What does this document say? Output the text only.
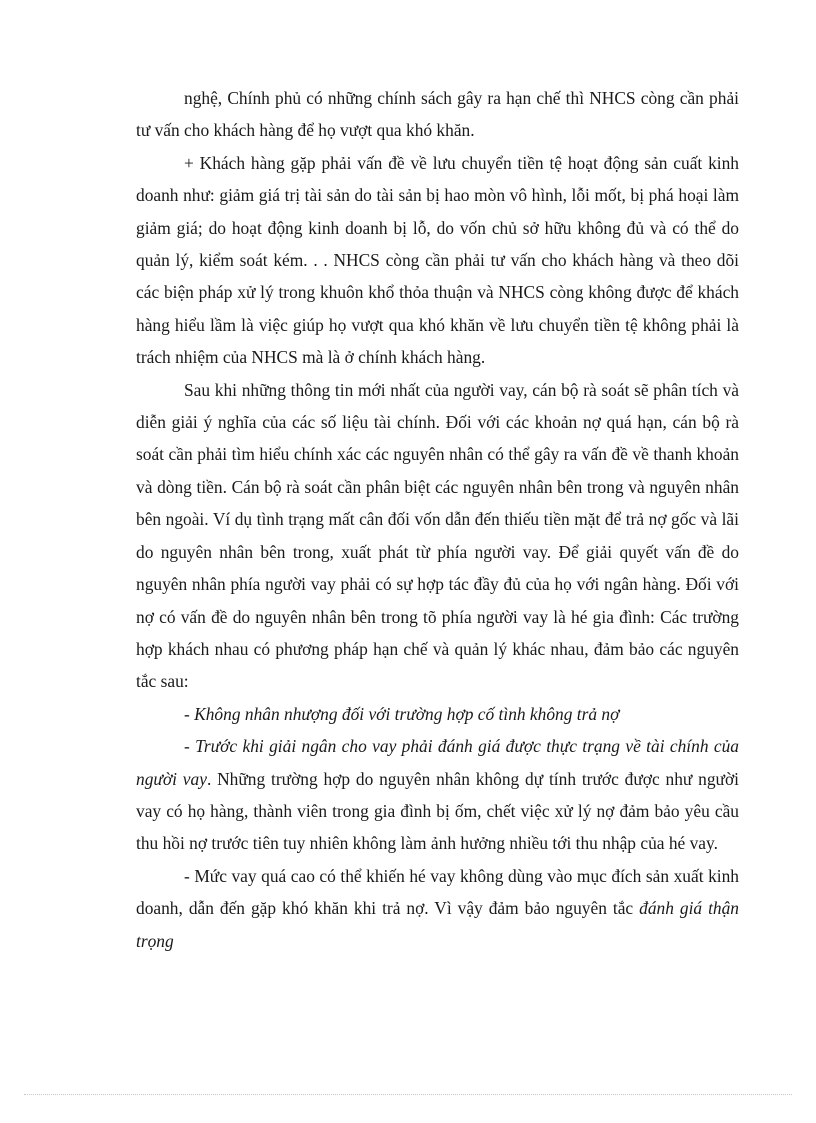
nghệ, Chính phủ có những chính sách gây ra hạn chế thì NHCS còng cần phải tư vấn cho khách hàng để họ vượt qua khó khăn.

+ Khách hàng gặp phải vấn đề về lưu chuyển tiền tệ hoạt động sản cuất kinh doanh như: giảm giá trị tài sản do tài sản bị hao mòn vô hình, lỗi mốt, bị phá hoại làm giảm giá; do hoạt động kinh doanh bị lỗ, do vốn chủ sở hữu không đủ và có thể do quản lý, kiểm soát kém. . . NHCS còng cần phải tư vấn cho khách hàng và theo dõi các biện pháp xử lý trong khuôn khổ thỏa thuận và NHCS còng không được để khách hàng hiểu lầm là việc giúp họ vượt qua khó khăn về lưu chuyển tiền tệ không phải là trách nhiệm của NHCS mà là ở chính khách hàng.

Sau khi những thông tin mới nhất của người vay, cán bộ rà soát sẽ phân tích và diễn giải ý nghĩa của các số liệu tài chính. Đối với các khoản nợ quá hạn, cán bộ rà soát cần phải tìm hiểu chính xác các nguyên nhân có thể gây ra vấn đề về thanh khoản và dòng tiền. Cán bộ rà soát cần phân biệt các nguyên nhân bên trong và nguyên nhân bên ngoài. Ví dụ tình trạng mất cân đối vốn dẫn đến thiếu tiền mặt để trả nợ gốc và lãi do nguyên nhân bên trong, xuất phát từ phía người vay. Để giải quyết vấn đề do nguyên nhân phía người vay phải có sự hợp tác đầy đủ của họ với ngân hàng. Đối với nợ có vấn đề do nguyên nhân bên trong tõ phía người vay là hé gia đình: Các trường hợp khách nhau có phương pháp hạn chế và quản lý khác nhau, đảm bảo các nguyên tắc sau:

- Không nhân nhượng đối với trường hợp cố tình không trả nợ

- Trước khi giải ngân cho vay phải đánh giá được thực trạng về tài chính của người vay. Những trường hợp do nguyên nhân không dự tính trước được như người vay có họ hàng, thành viên trong gia đình bị ốm, chết việc xử lý nợ đảm bảo yêu cầu thu hồi nợ trước tiên tuy nhiên không làm ảnh hưởng nhiều tới thu nhập của hé vay.

- Mức vay quá cao có thể khiến hé vay không dùng vào mục đích sản xuất kinh doanh, dẫn đến gặp khó khăn khi trả nợ. Vì vậy đảm bảo nguyên tắc đánh giá thận trọng
